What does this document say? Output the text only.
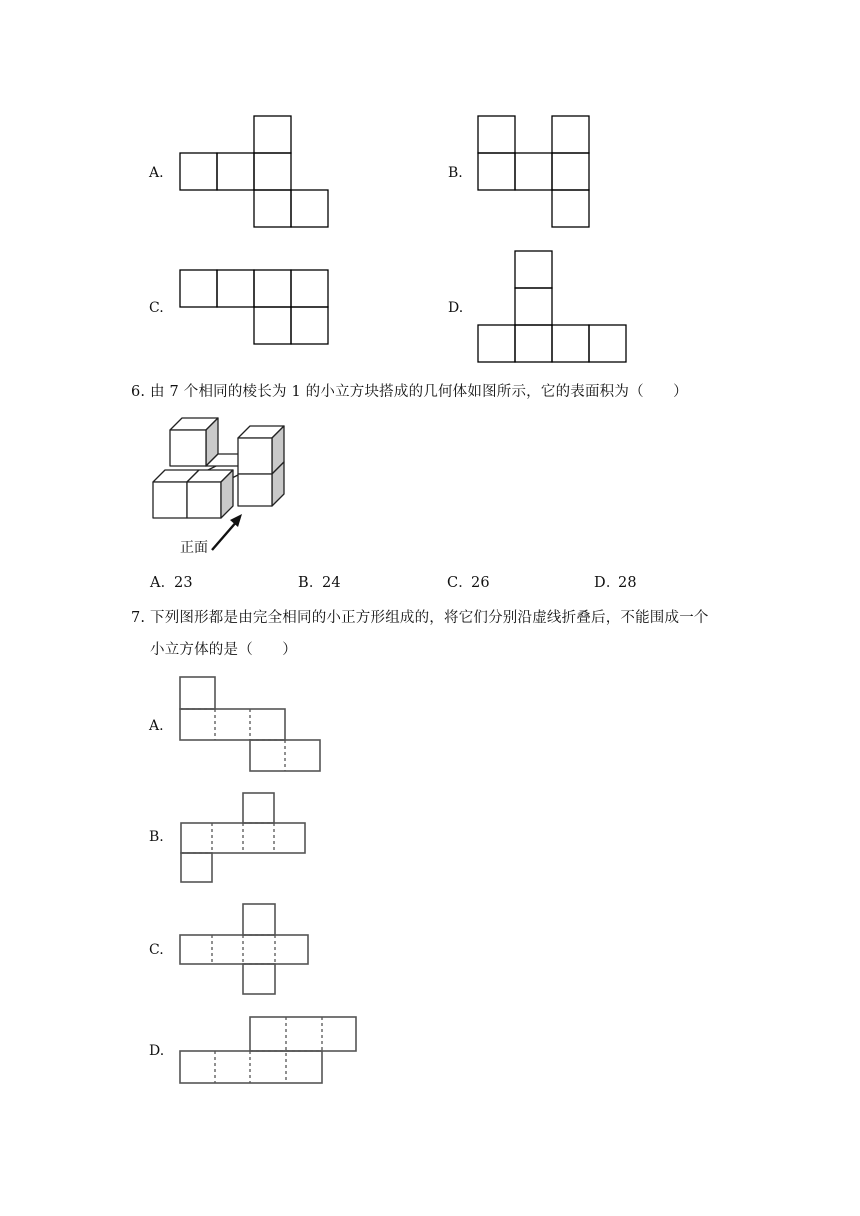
A.	B.
C.	D.
6. 由 7 个相同的棱长为 1 的小立方块搭成的几何体如图所示，它的表面积为（　　）
正面
A．
23	B．
24	C．
26	D．
28
7. 下列图形都是由完全相同的小正方形组成的，将它们分别沿虚线折叠后，不能围成一个
小立方体的是（　　）
A.
B.
C.
D.
